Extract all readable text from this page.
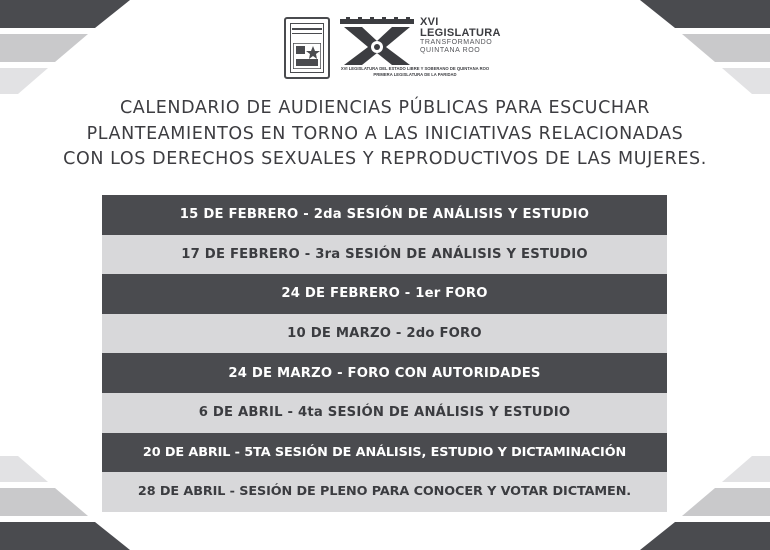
XVI
LEGISLATURA
TRANSFORMANDO
QUINTANA ROO
XVI LEGISLATURA DEL ESTADO LIBRE Y SOBERANO DE QUINTANA ROO PRIMERA LEGISLATURA DE LA PARIDAD
CALENDARIO DE AUDIENCIAS PÚBLICAS PARA ESCUCHAR
PLANTEAMIENTOS EN TORNO A LAS INICIATIVAS RELACIONADAS
CON LOS DERECHOS SEXUALES Y REPRODUCTIVOS DE LAS MUJERES.
15 DE FEBRERO - 2da SESIÓN DE ANÁLISIS Y ESTUDIO
17 DE FEBRERO - 3ra SESIÓN DE ANÁLISIS Y ESTUDIO
24 DE FEBRERO - 1er FORO
10 DE MARZO - 2do FORO
24 DE MARZO - FORO CON AUTORIDADES
6 DE ABRIL - 4ta SESIÓN DE ANÁLISIS Y ESTUDIO
20 DE ABRIL - 5TA SESIÓN DE ANÁLISIS, ESTUDIO Y DICTAMINACIÓN
28 DE ABRIL - SESIÓN DE PLENO PARA CONOCER Y VOTAR DICTAMEN.
